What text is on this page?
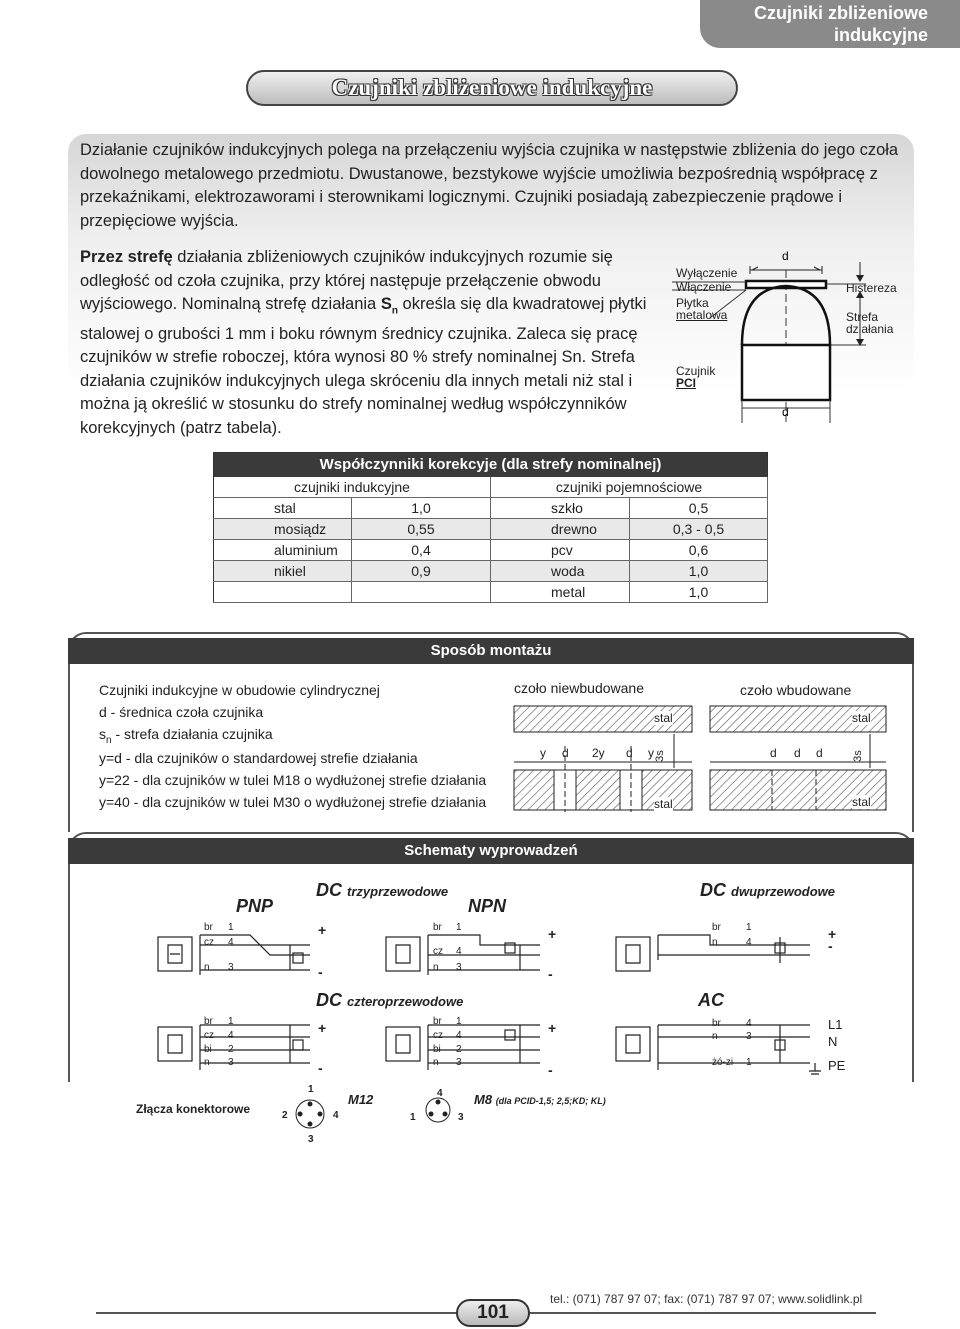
Czujniki zbliżeniowe indukcyjne
Czujniki zbliżeniowe indukcyjne
Działanie czujników indukcyjnych polega na przełączeniu wyjścia czujnika w następstwie zbliżenia do jego czoła dowolnego metalowego przedmiotu. Dwustanowe, bezstykowe wyjście umożliwia bezpośrednią współpracę z przekaźnikami, elektrozaworami i sterownikami logicznymi. Czujniki posiadają zabezpieczenie prądowe i przepięciowe wyjścia.
Przez strefę działania zbliżeniowych czujników indukcyjnych rozumie się odległość od czoła czujnika, przy której następuje przełączenie obwodu wyjściowego. Nominalną strefę działania $S_n$ określa się dla kwadratowej płytki stalowej o grubości 1 mm i boku równym średnicy czujnika. Zaleca się pracę czujników w strefie roboczej, która wynosi 80 % strefy nominalnej Sn. Strefa działania czujników indukcyjnych ulega skróceniu dla innych metali niż stal i można ją określić w stosunku do strefy nominalnej według współczynników korekcyjnych (patrz tabela).
d
d
Wyłączenie
Włączenie
Płytka
metalowa
Czujnik
PCI
Histereza
Strefa
działania
Współczynniki korekcyje (dla strefy nominalnej)			
czujniki indukcyjne		czujniki pojemnościowe	
stal	1,0	szkło	0,5
mosiądz	0,55	drewno	0,3 - 0,5
aluminium	0,4	pcv	0,6
nikiel	0,9	woda	1,0
		metal	1,0
Sposób montażu
Czujniki indukcyjne w obudowie cylindrycznej
d - średnica czoła czujnika
$s_n$ - strefa działania czujnika
y=d - dla czujników o standardowej strefie działania
y=22 - dla czujników w tulei M18 o wydłużonej strefie działania
y=40 - dla czujników w tulei M30 o wydłużonej strefie działania
czoło niewbudowane	czoło wbudowane
stal	stal
stal	stal
y d 2y d y	d d d
3s	3s
Schematy wyprowadzeń
PNP
DC trzyprzewodowe
NPN
DC dwuprzewodowe
DC czteroprzewodowe	AC
br 1
cz 4
n 3
+
-
br 1
cz 4
n 3
+
-
br	1
n	4
+
-
br 1
cz 4
bi 2
n 3
+
-
br 1
cz 4
bi 2
n 3
+
-
br	4
n	3
żó-zi 1
L1
N
PE
Złącza konektorowe
1
2
3
4
M12	4
1	3
M8 (dla PCID-1,5; 2,5;KD; KL)
101
tel.: (071) 787 97 07; fax: (071) 787 97 07; www.solidlink.pl
